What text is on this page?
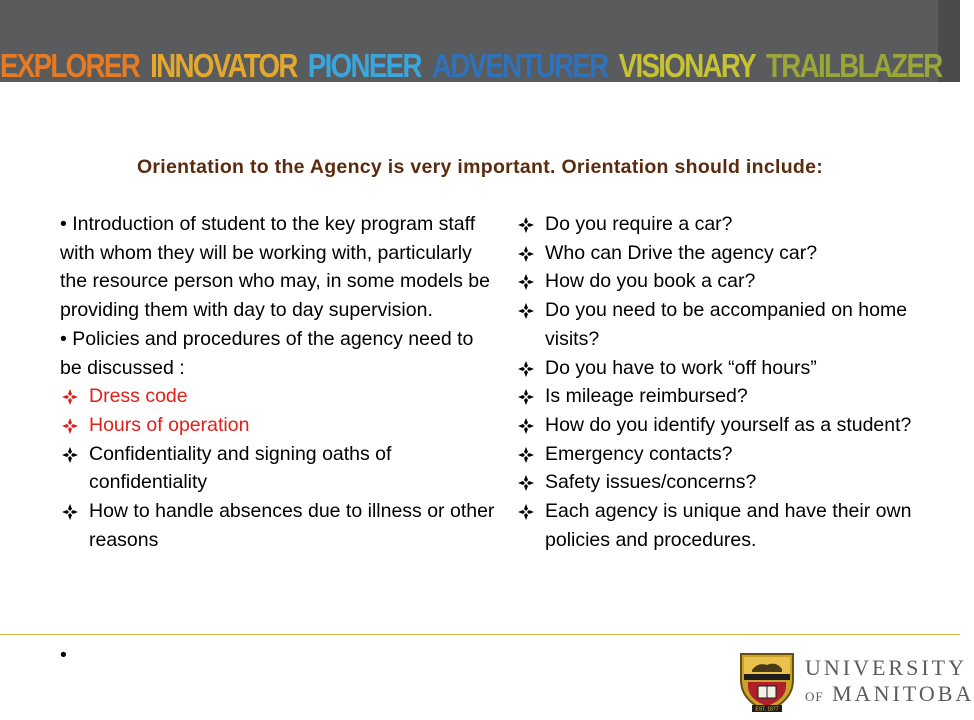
EXPLORER INNOVATOR PIONEER ADVENTURER VISIONARY TRAILBLAZER
Orientation to the Agency is very important. Orientation should include:

• Introduction of student to the key program staff with whom they will be working with, particularly the resource person who may, in some models be providing them with day to day supervision.

• Policies and procedures of the agency need to be discussed :

Dress code
Hours of operation
Confidentiality and signing oaths of confidentiality
How to handle absences due to illness or other reasons
Do you require a car?
Who can Drive the agency car?
How do you book a car?
Do you need to be accompanied on home visits?
Do you have to work “off hours”
Is mileage reimbursed?
How do you identify yourself as a student?
Emergency contacts?
Safety issues/concerns?
Each agency is unique and have their own policies and procedures.
•
EST. 1877
UNIVERSITY
OF MANITOBA
